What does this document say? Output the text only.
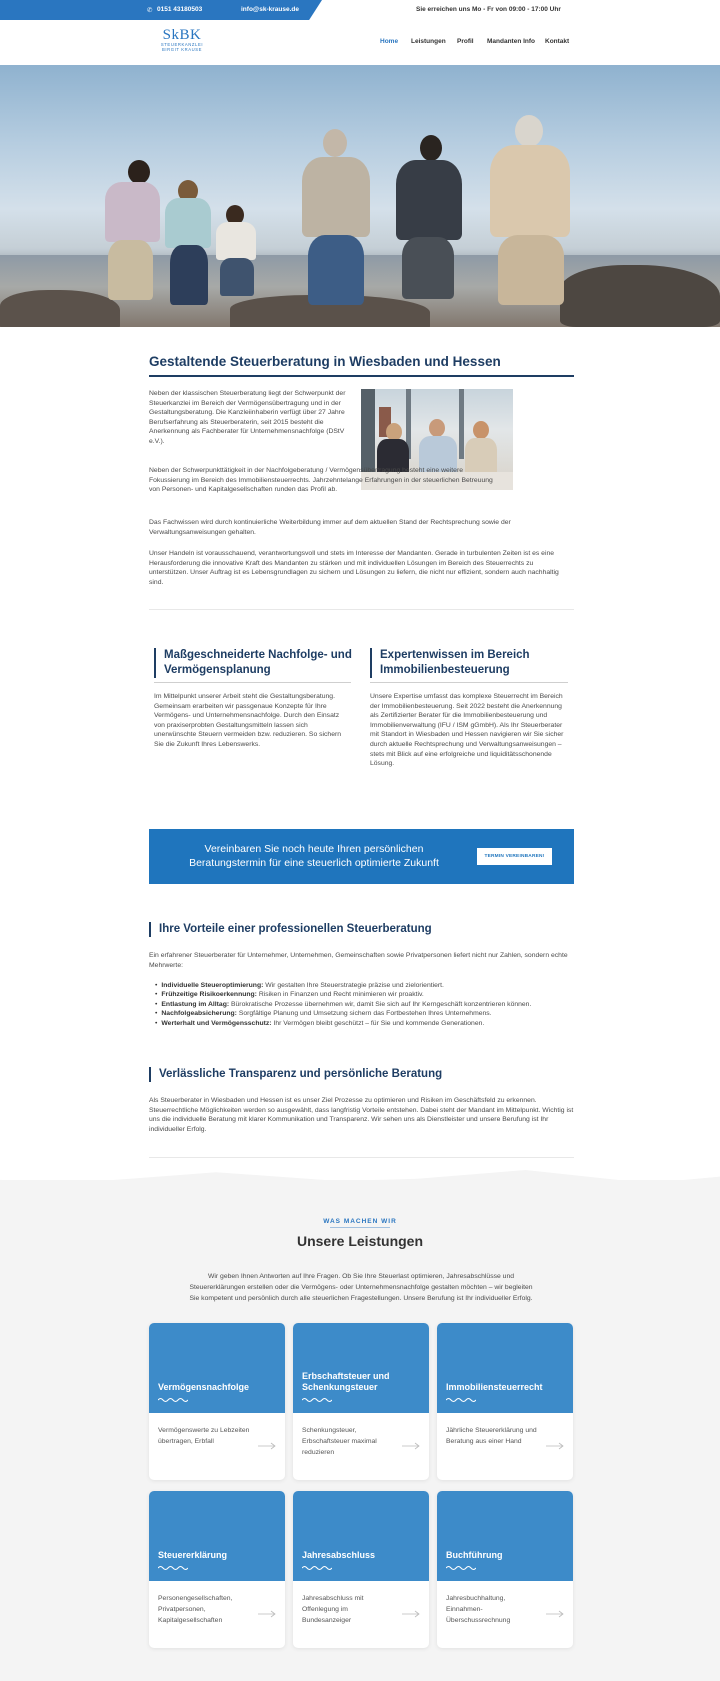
✆ 0151 43180503	info@sk-krause.de	Sie erreichen uns Mo - Fr von 09:00 - 17:00 Uhr
SkBK
STEUERKANZLEI
BIRGIT KRAUSE
Home Leistungen Profil Mandanten Info Kontakt
Gestaltende Steuerberatung in Wiesbaden und Hessen

Neben der klassischen Steuerberatung liegt der Schwerpunkt der Steuerkanzlei im Bereich der Vermögensübertragung und in der Gestaltungsberatung. Die Kanzleiinhaberin verfügt über 27 Jahre Berufserfahrung als Steuerberaterin, seit 2015 besteht die Anerkennung als Fachberater für Unternehmensnachfolge (DStV e.V.).

Neben der Schwerpunkttätigkeit in der Nachfolgeberatung / Vermögensübertragung besteht eine weitere Fokussierung im Bereich des Immobiliensteuerrechts. Jahrzehntelange Erfahrungen in der steuerlichen Betreuung von Personen- und Kapitalgesellschaften runden das Profil ab.

Das Fachwissen wird durch kontinuierliche Weiterbildung immer auf dem aktuellen Stand der Rechtsprechung sowie der Verwaltungsanweisungen gehalten.

Unser Handeln ist vorausschauend, verantwortungsvoll und stets im Interesse der Mandanten. Gerade in turbulenten Zeiten ist es eine Herausforderung die innovative Kraft des Mandanten zu stärken und mit individuellen Lösungen im Bereich des Steuerrechts zu unterstützen. Unser Auftrag ist es Lebensgrundlagen zu sichern und Lösungen zu liefern, die nicht nur effizient, sondern auch nachhaltig sind.

Maßgeschneiderte Nachfolge- und Vermögensplanung

Im Mittelpunkt unserer Arbeit steht die Gestaltungsberatung. Gemeinsam erarbeiten wir passgenaue Konzepte für Ihre Vermögens- und Unternehmensnachfolge. Durch den Einsatz von praxiserprobten Gestaltungsmitteln lassen sich unerwünschte Steuern vermeiden bzw. reduzieren. So sichern Sie die Zukunft Ihres Lebenswerks.

Expertenwissen im Bereich Immobilienbesteuerung

Unsere Expertise umfasst das komplexe Steuerrecht im Bereich der Immobilienbesteuerung. Seit 2022 besteht die Anerkennung als Zertifizierter Berater für die Immobilienbesteuerung und Immobilienverwaltung (IFU / ISM gGmbH). Als Ihr Steuerberater mit Standort in Wiesbaden und Hessen navigieren wir Sie sicher durch aktuelle Rechtsprechung und Verwaltungsanweisungen – stets mit Blick auf eine erfolgreiche und liquiditätsschonende Lösung.

Vereinbaren Sie noch heute Ihren persönlichen Beratungstermin für eine steuerlich optimierte Zukunft
TERMIN VEREINBAREN!
Ihre Vorteile einer professionellen Steuerberatung

Ein erfahrener Steuerberater für Unternehmer, Unternehmen, Gemeinschaften sowie Privatpersonen liefert nicht nur Zahlen, sondern echte Mehrwerte:

• Individuelle Steueroptimierung: Wir gestalten Ihre Steuerstrategie präzise und zielorientiert.
• Frühzeitige Risikoerkennung: Risiken in Finanzen und Recht minimieren wir proaktiv.
• Entlastung im Alltag: Bürokratische Prozesse übernehmen wir, damit Sie sich auf Ihr Kerngeschäft konzentrieren können.
• Nachfolgeabsicherung: Sorgfältige Planung und Umsetzung sichern das Fortbestehen Ihres Unternehmens.
• Werterhalt und Vermögensschutz: Ihr Vermögen bleibt geschützt – für Sie und kommende Generationen.
Verlässliche Transparenz und persönliche Beratung

Als Steuerberater in Wiesbaden und Hessen ist es unser Ziel Prozesse zu optimieren und Risiken im Geschäftsfeld zu erkennen. Steuerrechtliche Möglichkeiten werden so ausgewählt, dass langfristig Vorteile entstehen. Dabei steht der Mandant im Mittelpunkt. Wichtig ist uns die individuelle Beratung mit klarer Kommunikation und Transparenz. Wir sehen uns als Dienstleister und unsere Berufung ist Ihr individueller Erfolg.

WAS MACHEN WIR
Unsere Leistungen

Wir geben Ihnen Antworten auf Ihre Fragen. Ob Sie Ihre Steuerlast optimieren, Jahresabschlüsse und Steuererklärungen erstellen oder die Vermögens- oder Unternehmensnachfolge gestalten möchten – wir begleiten Sie kompetent und persönlich durch alle steuerlichen Fragestellungen. Unsere Berufung ist Ihr individueller Erfolg.

Vermögensnachfolge
Vermögenswerte zu Lebzeiten übertragen, Erbfall
Erbschaftsteuer und Schenkungsteuer
Schenkungsteuer, Erbschaftsteuer maximal reduzieren
Immobiliensteuerrecht
Jährliche Steuererklärung und Beratung aus einer Hand
Steuererklärung
Personengesellschaften, Privatpersonen, Kapitalgesellschaften
Jahresabschluss
Jahresabschluss mit Offenlegung im Bundesanzeiger
Buchführung
Jahresbuchhaltung, Einnahmen-Überschussrechnung
